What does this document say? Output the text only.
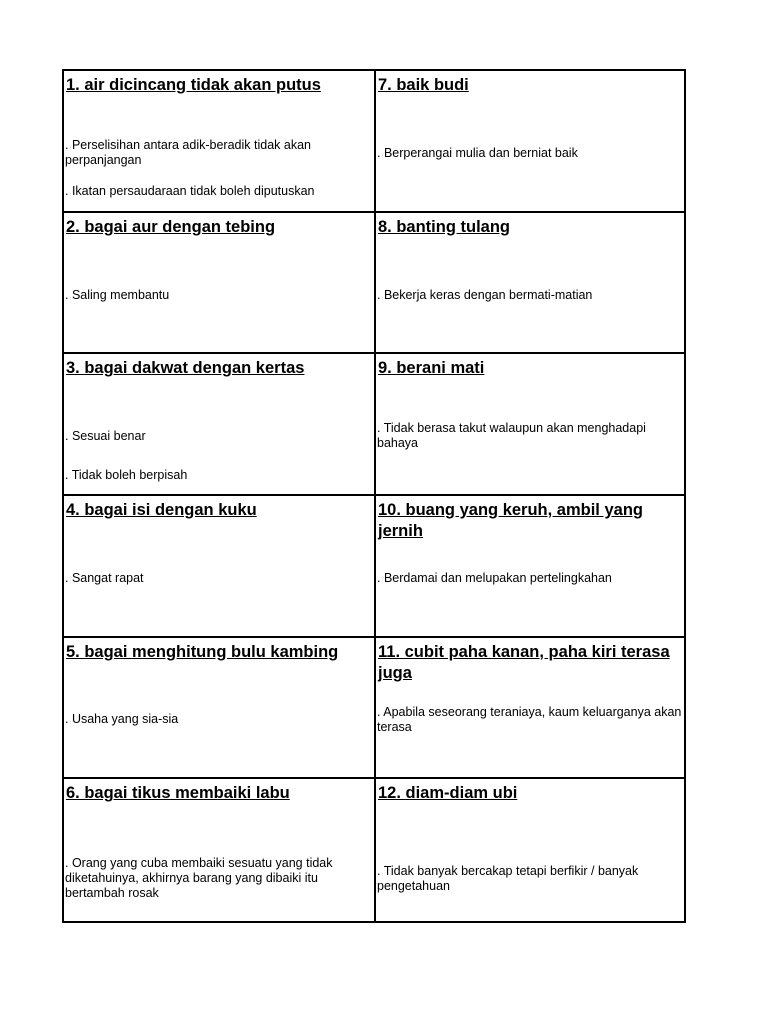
1. air dicincang tidak akan putus

. Perselisihan antara adik-beradik tidak akan perpanjangan

. Ikatan persaudaraan tidak boleh diputuskan

7. baik budi

. Berperangai mulia dan berniat baik

2. bagai aur dengan tebing

. Saling membantu

8. banting tulang

. Bekerja keras dengan bermati-matian

3. bagai dakwat dengan kertas

. Sesuai benar

. Tidak boleh berpisah

9. berani mati

. Tidak berasa takut walaupun akan menghadapi bahaya

4. bagai isi dengan kuku

. Sangat rapat

10. buang yang keruh, ambil yang jernih

. Berdamai dan melupakan pertelingkahan

5. bagai menghitung bulu kambing

. Usaha yang sia-sia

11. cubit paha kanan, paha kiri terasa juga

. Apabila seseorang teraniaya, kaum keluarganya akan terasa

6. bagai tikus membaiki labu

. Orang yang cuba membaiki sesuatu yang tidak diketahuinya, akhirnya barang yang dibaiki itu bertambah rosak

12. diam-diam ubi

. Tidak banyak bercakap tetapi berfikir / banyak pengetahuan
